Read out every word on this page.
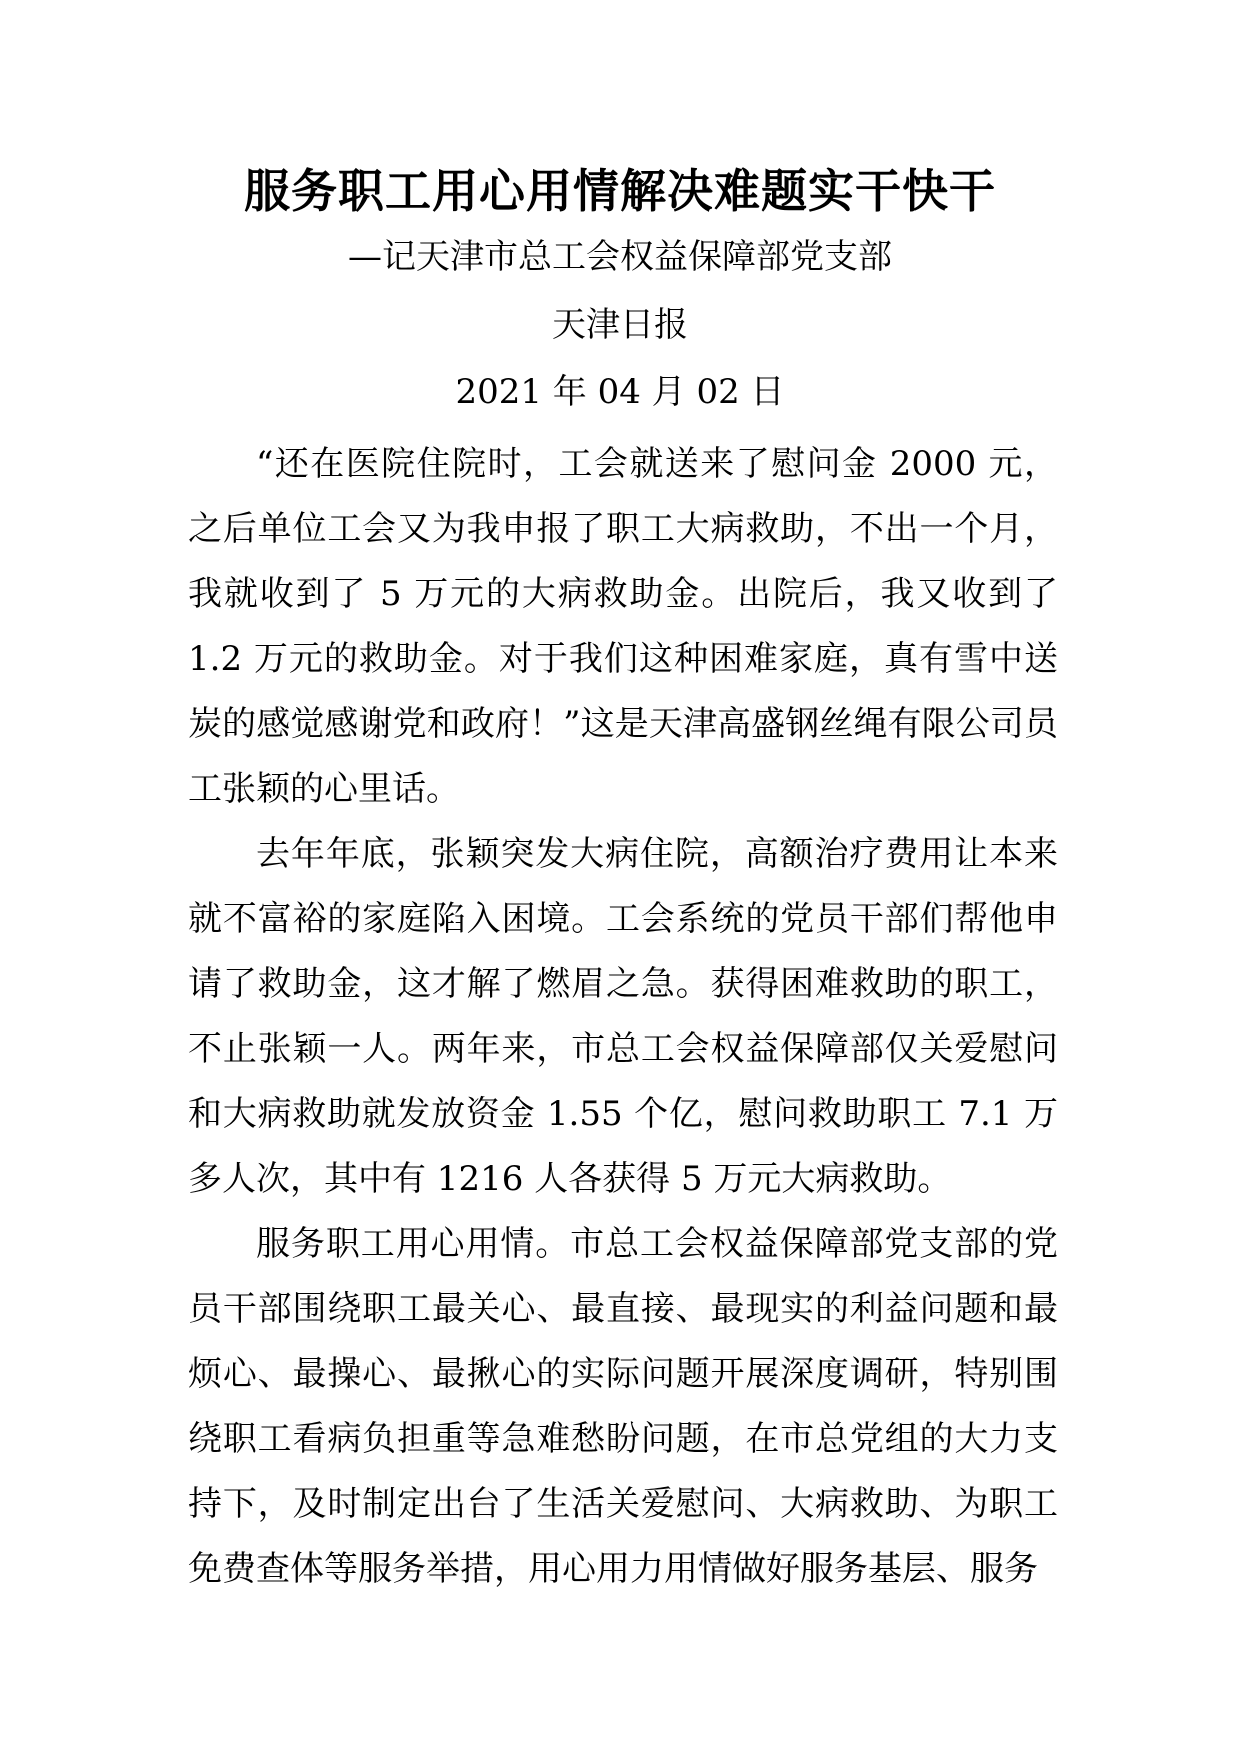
服务职工用心用情解决难题实干快干
—记天津市总工会权益保障部党支部
天津日报
2021 年 04 月 02 日

“还在医院住院时，工会就送来了慰问金 2000 元，之后单位工会又为我申报了职工大病救助，不出一个月，我就收到了 5 万元的大病救助金。出院后，我又收到了 1.2 万元的救助金。对于我们这种困难家庭，真有雪中送炭的感觉感谢党和政府！”这是天津高盛钢丝绳有限公司员工张颖的心里话。

去年年底，张颖突发大病住院，高额治疗费用让本来就不富裕的家庭陷入困境。工会系统的党员干部们帮他申请了救助金，这才解了燃眉之急。获得困难救助的职工，不止张颖一人。两年来，市总工会权益保障部仅关爱慰问和大病救助就发放资金 1.55 个亿，慰问救助职工 7.1 万多人次，其中有 1216 人各获得 5 万元大病救助。

服务职工用心用情。市总工会权益保障部党支部的党员干部围绕职工最关心、最直接、最现实的利益问题和最烦心、最操心、最揪心的实际问题开展深度调研，特别围绕职工看病负担重等急难愁盼问题，在市总党组的大力支持下，及时制定出台了生活关爱慰问、大病救助、为职工免费查体等服务举措，用心用力用情做好服务基层、服务
